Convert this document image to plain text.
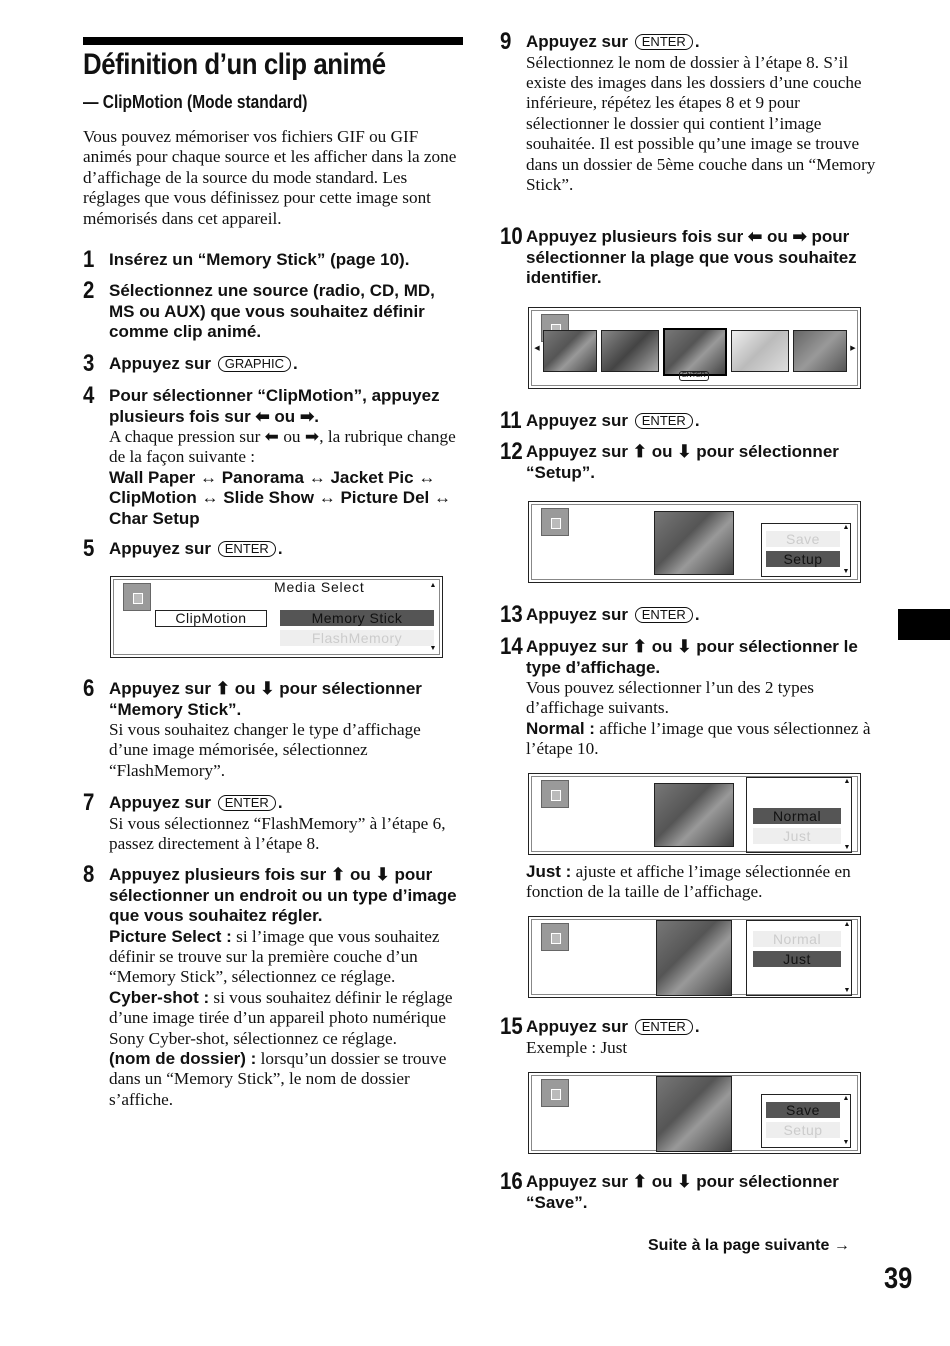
Définition d’un clip animé
— ClipMotion (Mode standard)
Vous pouvez mémoriser vos fichiers GIF ou GIF animés pour chaque source et les afficher dans la zone d’affichage de la source du mode standard. Les réglages que vous définissez pour cette image sont mémorisés dans cet appareil.
1 Insérez un “Memory Stick” (page 10).
2 Sélectionnez une source (radio, CD, MD, MS ou AUX) que vous souhaitez définir comme clip animé.
3 Appuyez sur GRAPHIC .
4 Pour sélectionner “ClipMotion”, appuyez plusieurs fois sur ⬅ ou ➡.
A chaque pression sur ⬅ ou ➡, la rubrique change de la façon suivante :
Wall Paper ↔ Panorama ↔ Jacket Pic ↔ ClipMotion ↔ Slide Show ↔ Picture Del ↔ Char Setup
5 Appuyez sur ENTER .
Media Select
Memory Stick
FlashMemory
ClipMotion
▲
▼
6 Appuyez sur ⬆ ou ⬇ pour sélectionner “Memory Stick”.
Si vous souhaitez changer le type d’affichage d’une image mémorisée, sélectionnez “FlashMemory”.
7 Appuyez sur ENTER .
Si vous sélectionnez “FlashMemory” à l’étape 6, passez directement à l’étape 8.
8 Appuyez plusieurs fois sur ⬆ ou ⬇ pour sélectionner un endroit ou un type d’image que vous souhaitez régler.
Picture Select : si l’image que vous souhaitez définir se trouve sur la première couche d’un “Memory Stick”, sélectionnez ce réglage.
Cyber-shot : si vous souhaitez définir le réglage d’une image tirée d’un appareil photo numérique Sony Cyber-shot, sélectionnez ce réglage.
(nom de dossier) : lorsqu’un dossier se trouve dans un “Memory Stick”, le nom de dossier s’affiche.
9 Appuyez sur ENTER .
Sélectionnez le nom de dossier à l’étape 8. S’il existe des images dans les dossiers d’une couche inférieure, répétez les étapes 8 et 9 pour sélectionner le dossier qui contient l’image souhaitée. Il est possible qu’une image se trouve dans un dossier de 5ème couche dans un “Memory Stick”.
10 Appuyez plusieurs fois sur ⬅ ou ➡ pour sélectionner la plage que vous souhaitez identifier.
◀	▶
ENTER
11 Appuyez sur ENTER .
12 Appuyez sur ⬆ ou ⬇ pour sélectionner “Setup”.
Save
Setup
▲
▼
13 Appuyez sur ENTER .
14 Appuyez sur ⬆ ou ⬇ pour sélectionner le type d’affichage.
Vous pouvez sélectionner l’un des 2 types d’affichage suivants.
Normal : affiche l’image que vous sélectionnez à l’étape 10.
Normal
Just
▲
▼
Just : ajuste et affiche l’image sélectionnée en fonction de la taille de l’affichage.
Normal
Just
▲
▼
15 Appuyez sur ENTER .
Exemple : Just
Save
Setup
▲
▼
16 Appuyez sur ⬆ ou ⬇ pour sélectionner “Save”.
Suite à la page suivante →
39
